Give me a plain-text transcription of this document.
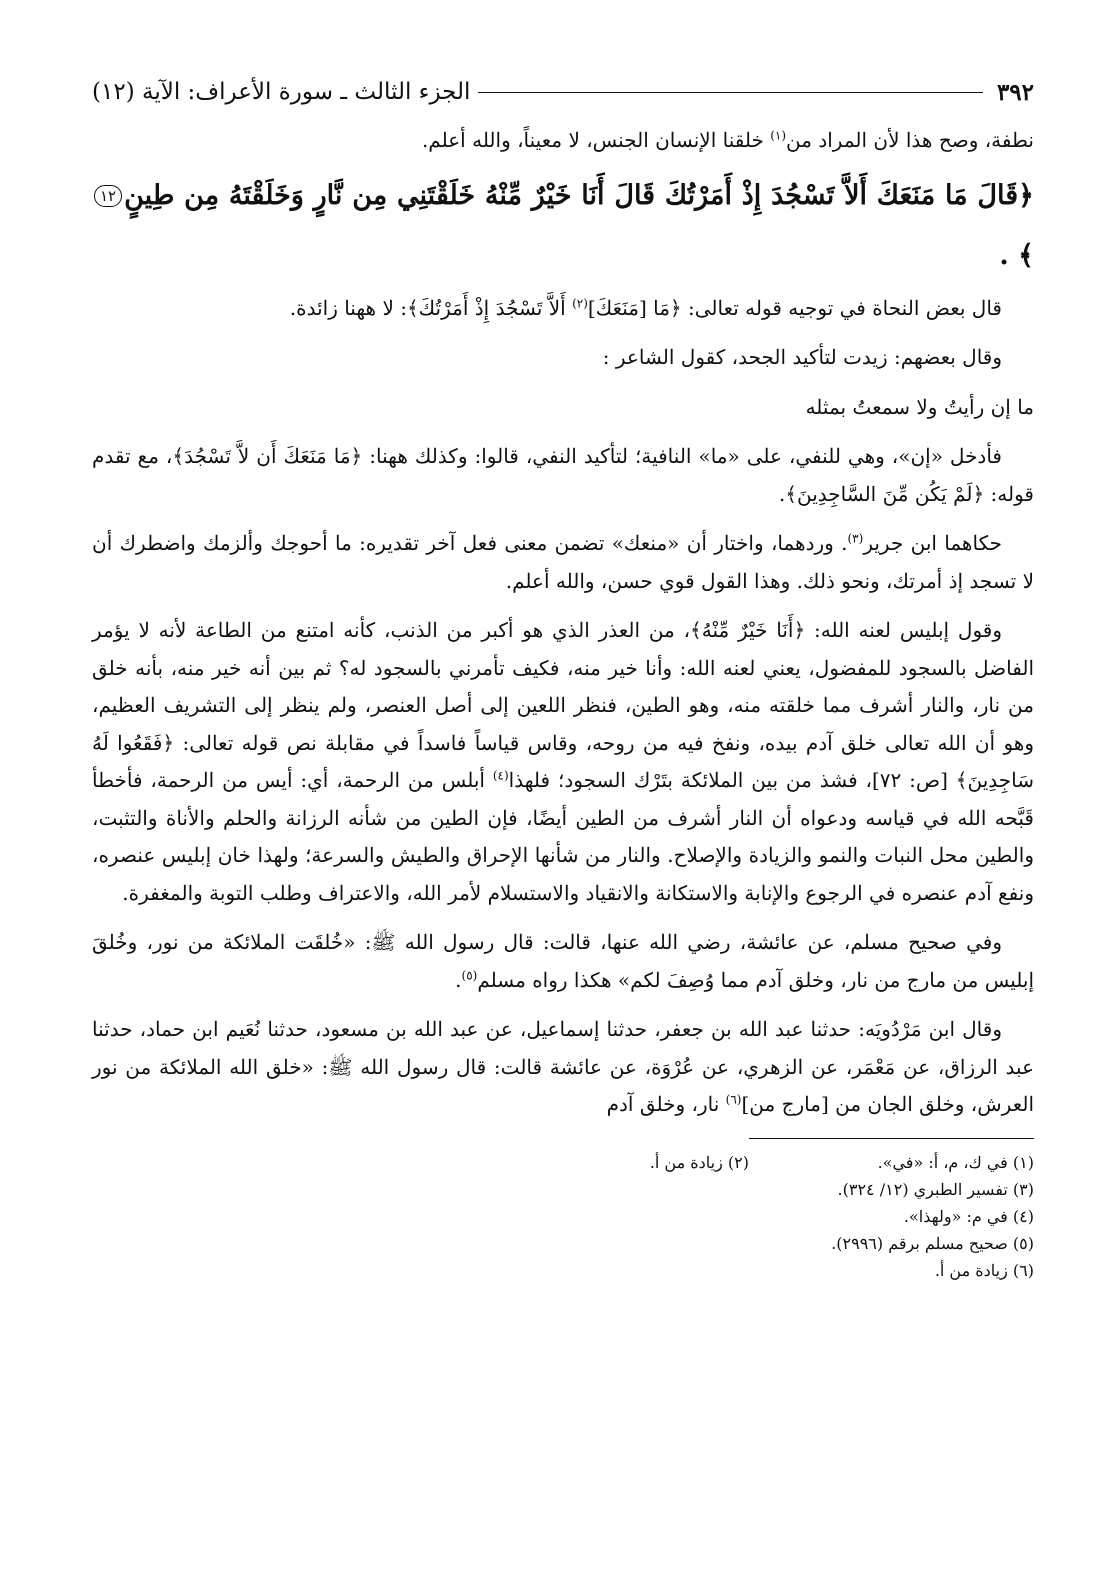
٣٩٢
الجزء الثالث ـ سورة الأعراف: الآية (١٢)

نطفة، وصح هذا لأن المراد من$^{(١)}$ خلقنا الإنسان الجنس، لا معيناً، والله أعلم.

﴿قَالَ مَا مَنَعَكَ أَلاَّ تَسْجُدَ إِذْ أَمَرْتُكَ قَالَ أَنَا خَيْرٌ مِّنْهُ خَلَقْتَنِي مِن نَّارٍ وَخَلَقْتَهُ مِن طِينٍ١٢﴾ .

قال بعض النحاة في توجيه قوله تعالى: ﴿مَا [مَنَعَكَ]$^{(٢)}$ أَلاَّ تَسْجُدَ إِذْ أَمَرْتُكَ﴾: لا ههنا زائدة.

وقال بعضهم: زيدت لتأكيد الجحد، كقول الشاعر :

ما إن رأيتُ ولا سمعتُ بمثله

فأدخل «إن»، وهي للنفي، على «ما» النافية؛ لتأكيد النفي، قالوا: وكذلك ههنا: ﴿مَا مَنَعَكَ أَن لاَّ تَسْجُدَ﴾، مع تقدم قوله: ﴿لَمْ يَكُن مِّنَ السَّاجِدِينَ﴾.

حكاهما ابن جرير$^{(٣)}$. وردهما، واختار أن «منعك» تضمن معنى فعل آخر تقديره: ما أحوجك وألزمك واضطرك أن لا تسجد إذ أمرتك، ونحو ذلك. وهذا القول قوي حسن، والله أعلم.

وقول إبليس لعنه الله: ﴿أَنَا خَيْرٌ مِّنْهُ﴾، من العذر الذي هو أكبر من الذنب، كأنه امتنع من الطاعة لأنه لا يؤمر الفاضل بالسجود للمفضول، يعني لعنه الله: وأنا خير منه، فكيف تأمرني بالسجود له؟ ثم بين أنه خير منه، بأنه خلق من نار، والنار أشرف مما خلقته منه، وهو الطين، فنظر اللعين إلى أصل العنصر، ولم ينظر إلى التشريف العظيم، وهو أن الله تعالى خلق آدم بيده، ونفخ فيه من روحه، وقاس قياساً فاسداً في مقابلة نص قوله تعالى: ﴿فَقَعُوا لَهُ سَاجِدِينَ﴾ [ص: ٧٢]، فشذ من بين الملائكة بتَرْك السجود؛ فلهذا$^{(٤)}$ أبلس من الرحمة، أي: أيس من الرحمة، فأخطأ قَبَّحه الله في قياسه ودعواه أن النار أشرف من الطين أيضًا، فإن الطين من شأنه الرزانة والحلم والأناة والتثبت، والطين محل النبات والنمو والزيادة والإصلاح. والنار من شأنها الإحراق والطيش والسرعة؛ ولهذا خان إبليس عنصره، ونفع آدم عنصره في الرجوع والإنابة والاستكانة والانقياد والاستسلام لأمر الله، والاعتراف وطلب التوبة والمغفرة.

وفي صحيح مسلم، عن عائشة، رضي الله عنها، قالت: قال رسول الله ﷺ: «خُلقَت الملائكة من نور، وخُلقَ إبليس من مارج من نار، وخلق آدم مما وُصِفَ لكم» هكذا رواه مسلم$^{(٥)}$.

وقال ابن مَرْدُويَه: حدثنا عبد الله بن جعفر، حدثنا إسماعيل، عن عبد الله بن مسعود، حدثنا نُعَيم ابن حماد، حدثنا عبد الرزاق، عن مَعْمَر، عن الزهري، عن عُرْوَة، عن عائشة قالت: قال رسول الله ﷺ: «خلق الله الملائكة من نور العرش، وخلق الجان من [مارج من]$^{(٦)}$ نار، وخلق آدم

(١) في ك، م، أ: «في».
(٢) زيادة من أ.
(٣) تفسير الطبري (١٢/ ٣٢٤).
(٤) في م: «ولهذا».
(٥) صحيح مسلم برقم (٢٩٩٦).
(٦) زيادة من أ.
